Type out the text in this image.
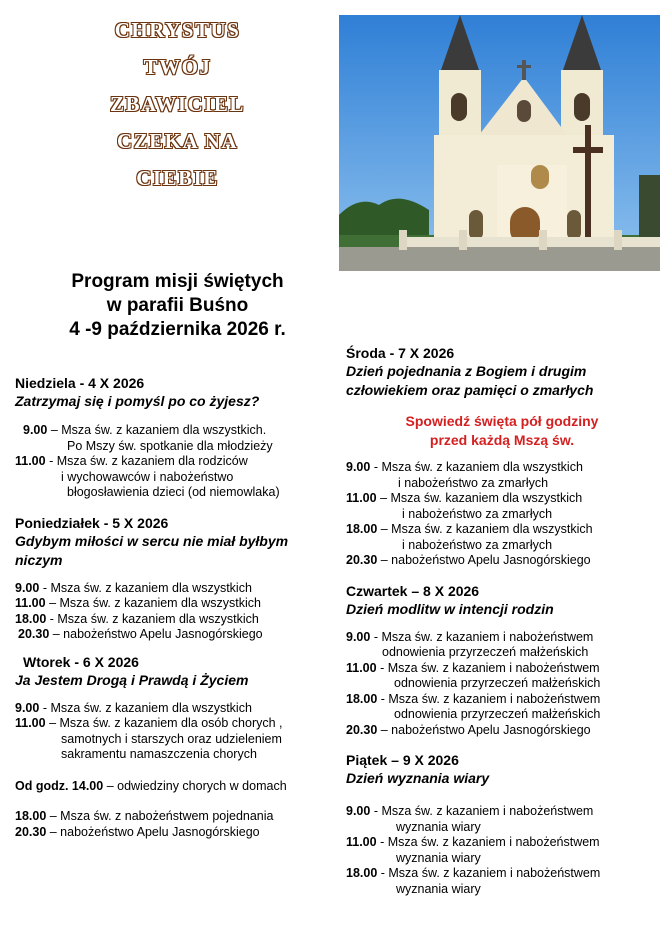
CHRYSTUS
TWÓJ
ZBAWICIEL
CZEKA NA
CIEBIE
Program misji świętych
w parafii Buśno
4 -9 października 2026 r.
Niedziela - 4 X 2026
Zatrzymaj się i pomyśl po co żyjesz?
9.00 – Msza św. z kazaniem dla wszystkich.
Po Mszy św. spotkanie dla młodzieży
11.00 - Msza św. z kazaniem dla rodziców
i wychowawców i nabożeństwo
błogosławienia dzieci (od niemowlaka)
Poniedziałek - 5 X 2026
Gdybym miłości w sercu nie miał byłbym
niczym
9.00 - Msza św. z kazaniem dla wszystkich
11.00 – Msza św. z kazaniem dla wszystkich
18.00 - Msza św. z kazaniem dla wszystkich
20.30 – nabożeństwo Apelu Jasnogórskiego
Wtorek - 6 X 2026
Ja Jestem Drogą i Prawdą i Życiem
9.00 - Msza św. z kazaniem dla wszystkich
11.00 – Msza św. z kazaniem dla osób chorych ,
samotnych i starszych oraz udzieleniem
sakramentu namaszczenia chorych
Od godz. 14.00 – odwiedziny chorych w domach
18.00 – Msza św. z nabożeństwem pojednania
20.30 – nabożeństwo Apelu Jasnogórskiego
Środa - 7 X 2026
Dzień pojednania z Bogiem i drugim
człowiekiem oraz pamięci o zmarłych
Spowiedź święta pół godziny
przed każdą Mszą św.
9.00 - Msza św. z kazaniem dla wszystkich
i nabożeństwo za zmarłych
11.00 – Msza św. kazaniem dla wszystkich
i nabożeństwo za zmarłych
18.00 – Msza św. z kazaniem dla wszystkich
i nabożeństwo za zmarłych
20.30 – nabożeństwo Apelu Jasnogórskiego
Czwartek – 8 X 2026
Dzień modlitw w intencji rodzin
9.00 - Msza św. z kazaniem i nabożeństwem
odnowienia przyrzeczeń małżeńskich
11.00 - Msza św. z kazaniem i nabożeństwem
odnowienia przyrzeczeń małżeńskich
18.00 - Msza św. z kazaniem i nabożeństwem
odnowienia przyrzeczeń małżeńskich
20.30 – nabożeństwo Apelu Jasnogórskiego
Piątek – 9 X 2026
Dzień wyznania wiary
9.00 - Msza św. z kazaniem i nabożeństwem
wyznania wiary
11.00 - Msza św. z kazaniem i nabożeństwem
wyznania wiary
18.00 - Msza św. z kazaniem i nabożeństwem
wyznania wiary
